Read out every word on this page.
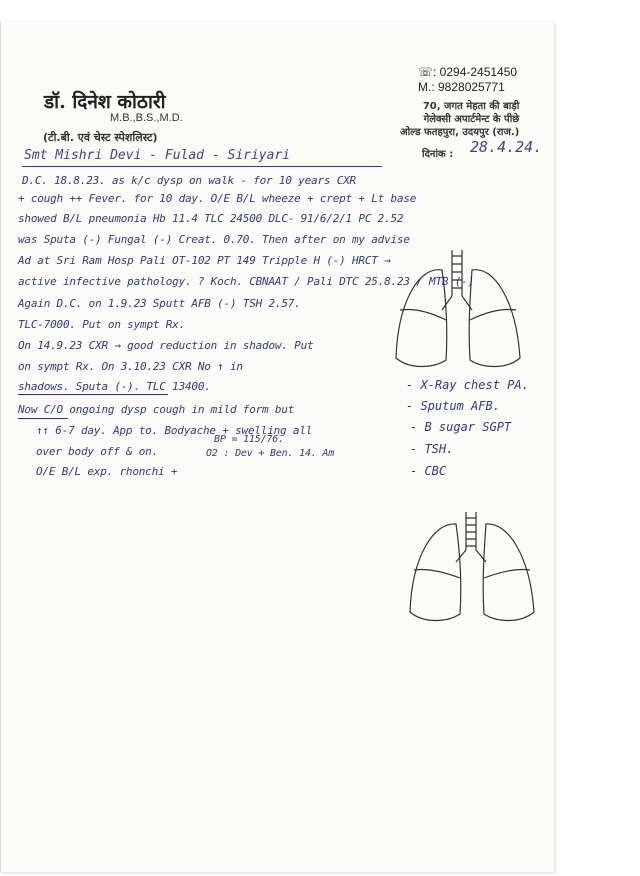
डॉ. दिनेश कोठारी
M.B.,B.S.,M.D.
(टी.बी. एवं चेस्ट स्पेशलिस्ट)
☏: 0294-2451450
M.: 9828025771
70, जगत मेहता की बाड़ी
गेलेक्सी अपार्टमेन्ट के पीछे
ओल्ड फतहपुरा, उदयपुर (राज.)
दिनांक : 28.4.24.
Smt Mishri Devi - Fulad - Siriyari
D.C. 18.8.23. as k/c dysp on walk - for 10 years CXR
+ cough ++ Fever. for 10 day. O/E B/L wheeze + crept + Lt base
showed B/L pneumonia Hb 11.4 TLC 24500 DLC- 91/6/2/1 PC 2.52
was Sputa (-) Fungal (-) Creat. 0.70. Then after on my advise
Ad at Sri Ram Hosp Pali OT-102 PT 149 Tripple H (-) HRCT →
active infective pathology. ? Koch. CBNAAT / Pali DTC 25.8.23 / MTB (-)
Again D.C. on 1.9.23 Sputt AFB (-) TSH 2.57.
TLC-7000. Put on sympt Rx.
On 14.9.23 CXR → good reduction in shadow. Put
on sympt Rx. On 3.10.23 CXR No ↑ in
shadows. Sputa (-). TLC 13400.
Now C/O ongoing dysp cough in mild form but
↑↑ 6-7 day. App to. Bodyache + swelling all
over body off & on.
O/E B/L exp. rhonchi +
BP = 115/76.
O2 : Dev + Ben. 14. Am
- X-Ray chest PA.
- Sputum AFB.
- B sugar SGPT
- TSH.
- CBC
